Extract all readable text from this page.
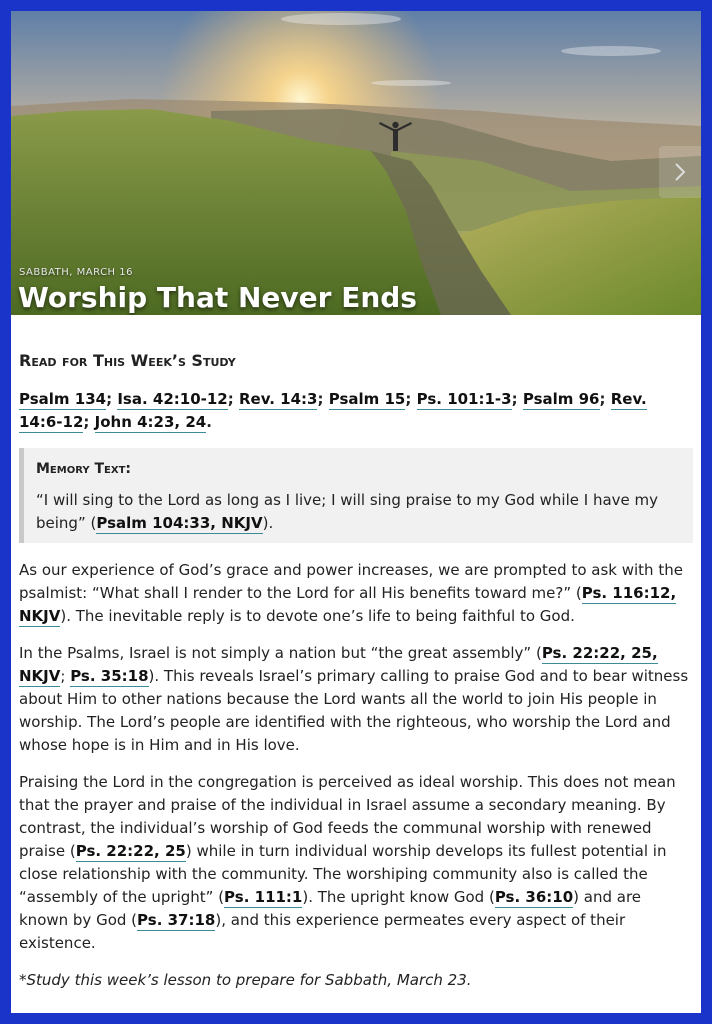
SABBATH, MARCH 16
Worship That Never Ends
Read for This Week’s Study
Psalm 134; Isa. 42:10-12; Rev. 14:3; Psalm 15; Ps. 101:1-3; Psalm 96; Rev. 14:6-12; John 4:23, 24.
Memory Text:

“I will sing to the Lord as long as I live; I will sing praise to my God while I have my being” (Psalm 104:33, NKJV).

As our experience of God’s grace and power increases, we are prompted to ask with the psalmist: “What shall I render to the Lord for all His benefits toward me?” (Ps. 116:12, NKJV). The inevitable reply is to devote one’s life to being faithful to God.

In the Psalms, Israel is not simply a nation but “the great assembly” (Ps. 22:22, 25, NKJV; Ps. 35:18). This reveals Israel’s primary calling to praise God and to bear witness about Him to other nations because the Lord wants all the world to join His people in worship. The Lord’s people are identified with the righteous, who worship the Lord and whose hope is in Him and in His love.

Praising the Lord in the congregation is perceived as ideal worship. This does not mean that the prayer and praise of the individual in Israel assume a secondary meaning. By contrast, the individual’s worship of God feeds the communal worship with renewed praise (Ps. 22:22, 25) while in turn individual worship develops its fullest potential in close relationship with the community. The worshiping community also is called the “assembly of the upright” (Ps. 111:1). The upright know God (Ps. 36:10) and are known by God (Ps. 37:18), and this experience permeates every aspect of their existence.

*Study this week’s lesson to prepare for Sabbath, March 23.
